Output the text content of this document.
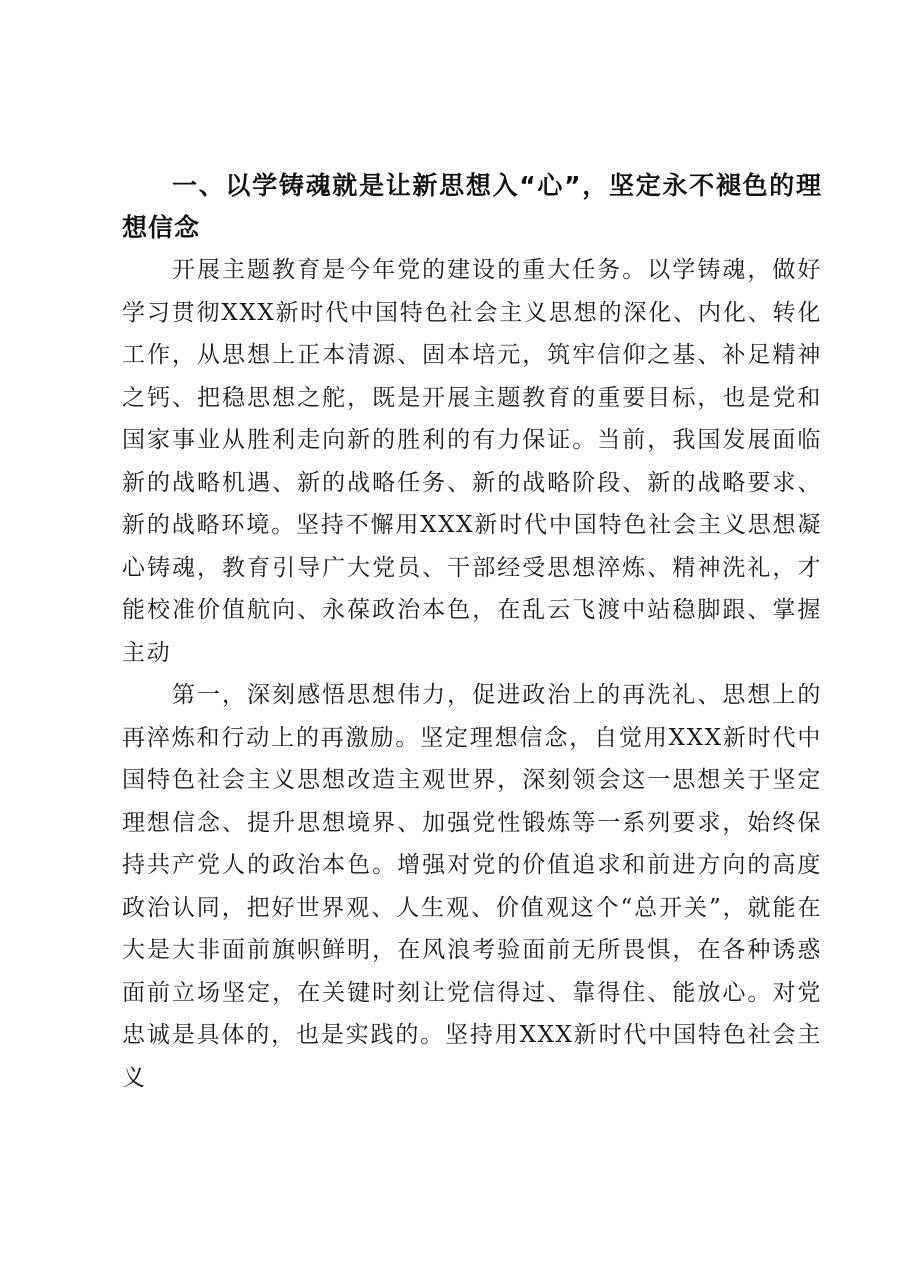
一、以学铸魂就是让新思想入“心”，坚定永不褪色的理想信念

开展主题教育是今年党的建设的重大任务。以学铸魂，做好学习贯彻XXX新时代中国特色社会主义思想的深化、内化、转化工作，从思想上正本清源、固本培元，筑牢信仰之基、补足精神之钙、把稳思想之舵，既是开展主题教育的重要目标，也是党和国家事业从胜利走向新的胜利的有力保证。当前，我国发展面临新的战略机遇、新的战略任务、新的战略阶段、新的战略要求、新的战略环境。坚持不懈用XXX新时代中国特色社会主义思想凝心铸魂，教育引导广大党员、干部经受思想淬炼、精神洗礼，才能校准价值航向、永葆政治本色，在乱云飞渡中站稳脚跟、掌握主动

第一，深刻感悟思想伟力，促进政治上的再洗礼、思想上的再淬炼和行动上的再激励。坚定理想信念，自觉用XXX新时代中国特色社会主义思想改造主观世界，深刻领会这一思想关于坚定理想信念、提升思想境界、加强党性锻炼等一系列要求，始终保持共产党人的政治本色。增强对党的价值追求和前进方向的高度政治认同，把好世界观、人生观、价值观这个“总开关”，就能在大是大非面前旗帜鲜明，在风浪考验面前无所畏惧，在各种诱惑面前立场坚定，在关键时刻让党信得过、靠得住、能放心。对党忠诚是具体的，也是实践的。坚持用XXX新时代中国特色社会主义
